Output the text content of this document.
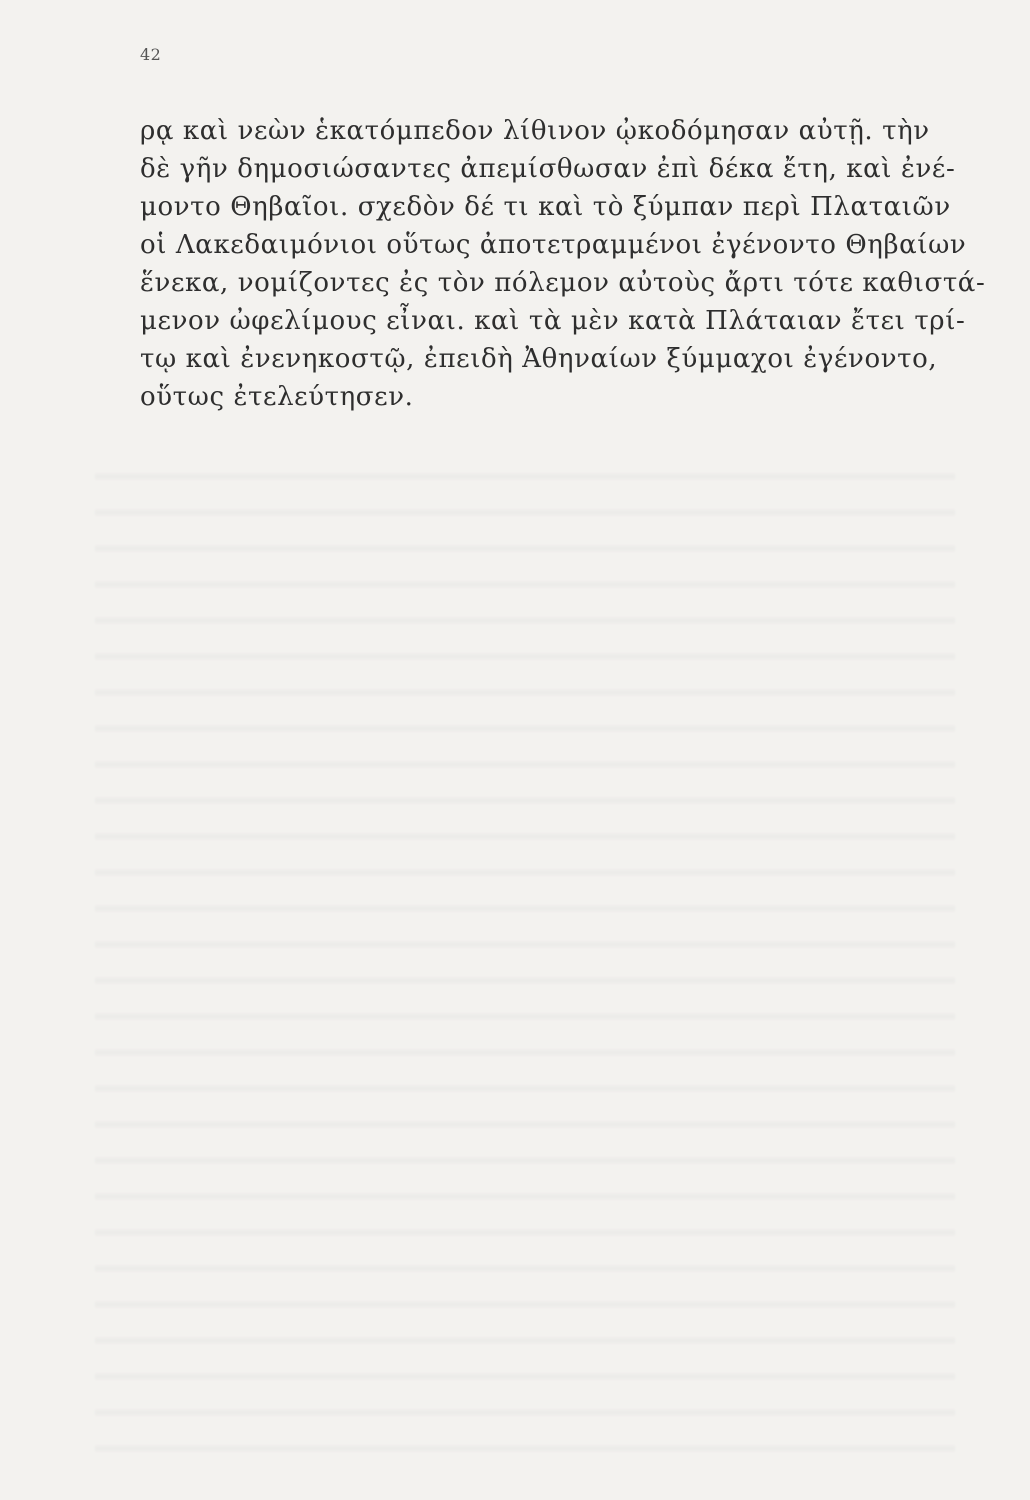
42
ρᾳ καὶ νεὼν ἑκατόμπεδον λίθινον ᾠκοδόμησαν αὐτῇ. τὴν
δὲ γῆν δημοσιώσαντες ἀπεμίσθωσαν ἐπὶ δέκα ἔτη, καὶ ἐνέ-
μοντο Θηβαῖοι. σχεδὸν δέ τι καὶ τὸ ξύμπαν περὶ Πλαταιῶν
οἱ Λακεδαιμόνιοι οὕτως ἀποτετραμμένοι ἐγένοντο Θηβαίων
ἕνεκα, νομίζοντες ἐς τὸν πόλεμον αὐτοὺς ἄρτι τότε καθιστά-
μενον ὠφελίμους εἶναι. καὶ τὰ μὲν κατὰ Πλάταιαν ἔτει τρί-
τῳ καὶ ἐνενηκοστῷ, ἐπειδὴ Ἀθηναίων ξύμμαχοι ἐγένοντο,
οὕτως ἐτελεύτησεν.
